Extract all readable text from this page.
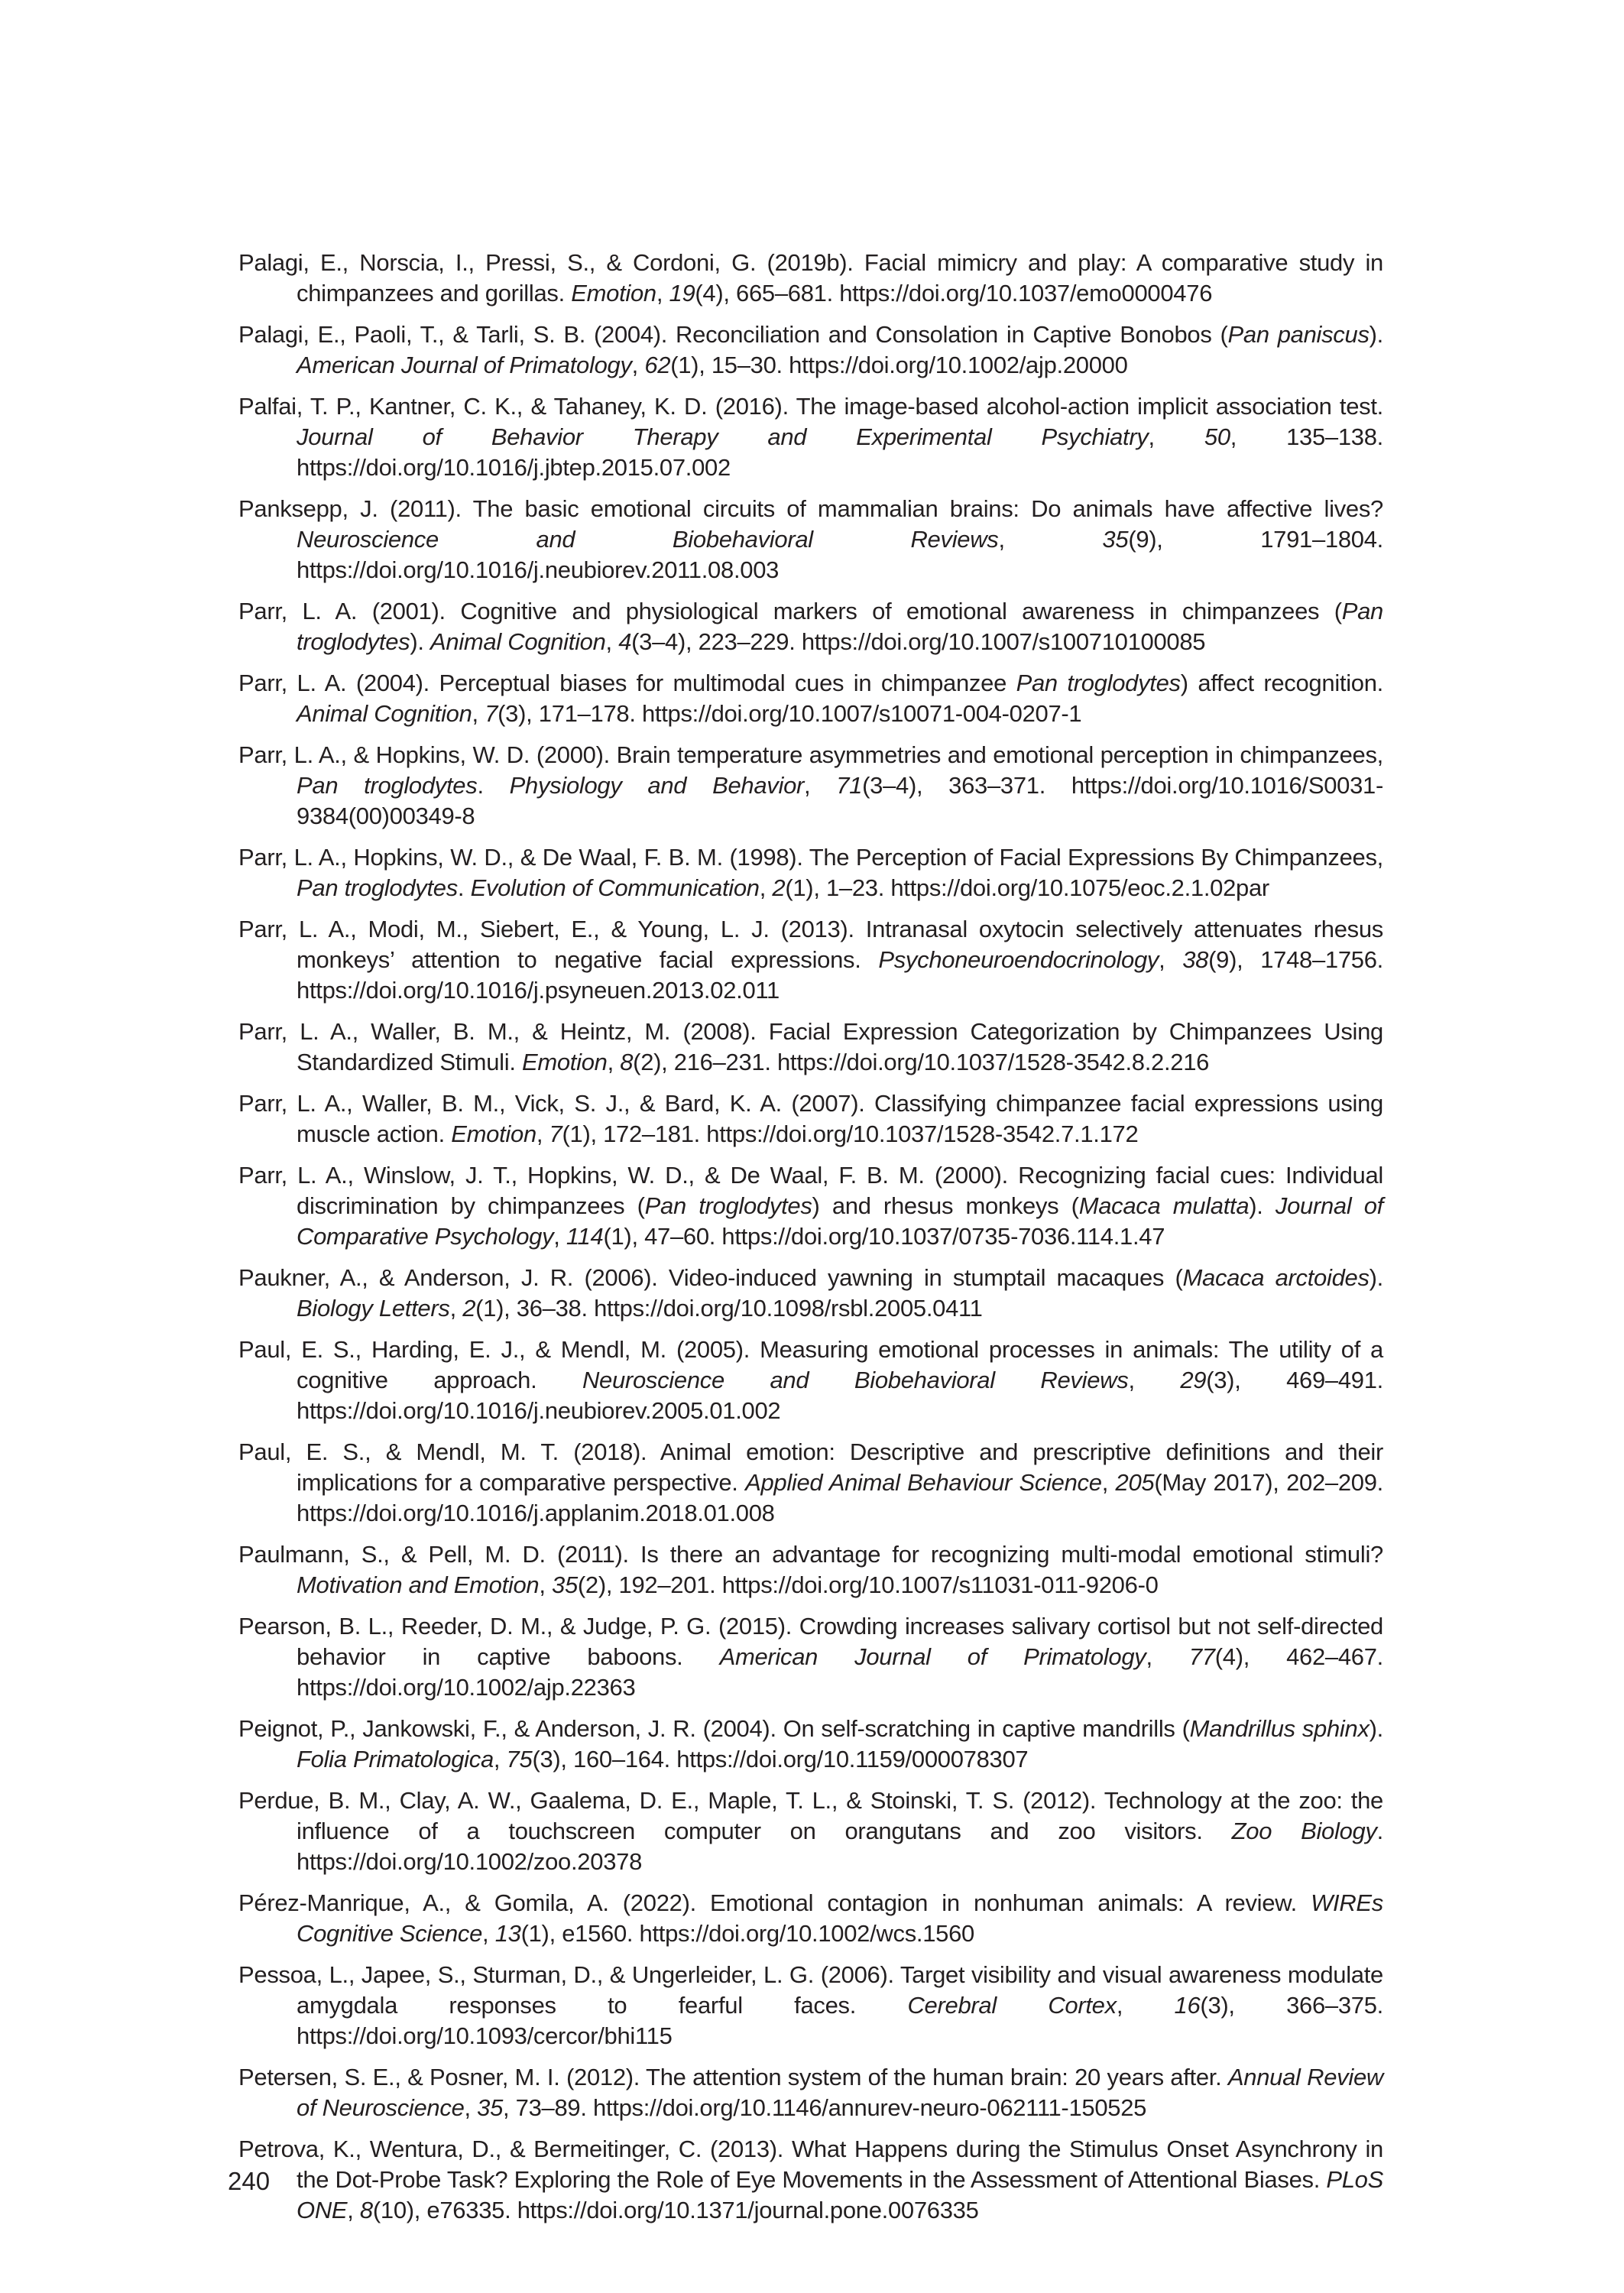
Palagi, E., Norscia, I., Pressi, S., & Cordoni, G. (2019b). Facial mimicry and play: A comparative study in chimpanzees and gorillas. Emotion, 19(4), 665–681. https://doi.org/10.1037/emo0000476

Palagi, E., Paoli, T., & Tarli, S. B. (2004). Reconciliation and Consolation in Captive Bonobos (Pan paniscus). American Journal of Primatology, 62(1), 15–30. https://doi.org/10.1002/ajp.20000

Palfai, T. P., Kantner, C. K., & Tahaney, K. D. (2016). The image-based alcohol-action implicit association test. Journal of Behavior Therapy and Experimental Psychiatry, 50, 135–138. https://doi.org/10.1016/j.jbtep.2015.07.002

Panksepp, J. (2011). The basic emotional circuits of mammalian brains: Do animals have affective lives? Neuroscience and Biobehavioral Reviews, 35(9), 1791–1804. https://doi.org/10.1016/j.neubiorev.2011.08.003

Parr, L. A. (2001). Cognitive and physiological markers of emotional awareness in chimpanzees (Pan troglodytes). Animal Cognition, 4(3–4), 223–229. https://doi.org/10.1007/s100710100085

Parr, L. A. (2004). Perceptual biases for multimodal cues in chimpanzee Pan troglodytes) affect recognition. Animal Cognition, 7(3), 171–178. https://doi.org/10.1007/s10071-004-0207-1

Parr, L. A., & Hopkins, W. D. (2000). Brain temperature asymmetries and emotional perception in chimpanzees, Pan troglodytes. Physiology and Behavior, 71(3–4), 363–371. https://doi.org/10.1016/S0031-9384(00)00349-8

Parr, L. A., Hopkins, W. D., & De Waal, F. B. M. (1998). The Perception of Facial Expressions By Chimpanzees, Pan troglodytes. Evolution of Communication, 2(1), 1–23. https://doi.org/10.1075/eoc.2.1.02par

Parr, L. A., Modi, M., Siebert, E., & Young, L. J. (2013). Intranasal oxytocin selectively attenuates rhesus monkeys’ attention to negative facial expressions. Psychoneuroendocrinology, 38(9), 1748–1756. https://doi.org/10.1016/j.psyneuen.2013.02.011

Parr, L. A., Waller, B. M., & Heintz, M. (2008). Facial Expression Categorization by Chimpanzees Using Standardized Stimuli. Emotion, 8(2), 216–231. https://doi.org/10.1037/1528-3542.8.2.216

Parr, L. A., Waller, B. M., Vick, S. J., & Bard, K. A. (2007). Classifying chimpanzee facial expressions using muscle action. Emotion, 7(1), 172–181. https://doi.org/10.1037/1528-3542.7.1.172

Parr, L. A., Winslow, J. T., Hopkins, W. D., & De Waal, F. B. M. (2000). Recognizing facial cues: Individual discrimination by chimpanzees (Pan troglodytes) and rhesus monkeys (Macaca mulatta). Journal of Comparative Psychology, 114(1), 47–60. https://doi.org/10.1037/0735-7036.114.1.47

Paukner, A., & Anderson, J. R. (2006). Video-induced yawning in stumptail macaques (Macaca arctoides). Biology Letters, 2(1), 36–38. https://doi.org/10.1098/rsbl.2005.0411

Paul, E. S., Harding, E. J., & Mendl, M. (2005). Measuring emotional processes in animals: The utility of a cognitive approach. Neuroscience and Biobehavioral Reviews, 29(3), 469–491. https://doi.org/10.1016/j.neubiorev.2005.01.002

Paul, E. S., & Mendl, M. T. (2018). Animal emotion: Descriptive and prescriptive definitions and their implications for a comparative perspective. Applied Animal Behaviour Science, 205(May 2017), 202–209. https://doi.org/10.1016/j.applanim.2018.01.008

Paulmann, S., & Pell, M. D. (2011). Is there an advantage for recognizing multi-modal emotional stimuli? Motivation and Emotion, 35(2), 192–201. https://doi.org/10.1007/s11031-011-9206-0

Pearson, B. L., Reeder, D. M., & Judge, P. G. (2015). Crowding increases salivary cortisol but not self-directed behavior in captive baboons. American Journal of Primatology, 77(4), 462–467. https://doi.org/10.1002/ajp.22363

Peignot, P., Jankowski, F., & Anderson, J. R. (2004). On self-scratching in captive mandrills (Mandrillus sphinx). Folia Primatologica, 75(3), 160–164. https://doi.org/10.1159/000078307

Perdue, B. M., Clay, A. W., Gaalema, D. E., Maple, T. L., & Stoinski, T. S. (2012). Technology at the zoo: the influence of a touchscreen computer on orangutans and zoo visitors. Zoo Biology. https://doi.org/10.1002/zoo.20378

Pérez-Manrique, A., & Gomila, A. (2022). Emotional contagion in nonhuman animals: A review. WIREs Cognitive Science, 13(1), e1560. https://doi.org/10.1002/wcs.1560

Pessoa, L., Japee, S., Sturman, D., & Ungerleider, L. G. (2006). Target visibility and visual awareness modulate amygdala responses to fearful faces. Cerebral Cortex, 16(3), 366–375. https://doi.org/10.1093/cercor/bhi115

Petersen, S. E., & Posner, M. I. (2012). The attention system of the human brain: 20 years after. Annual Review of Neuroscience, 35, 73–89. https://doi.org/10.1146/annurev-neuro-062111-150525

Petrova, K., Wentura, D., & Bermeitinger, C. (2013). What Happens during the Stimulus Onset Asynchrony in the Dot-Probe Task? Exploring the Role of Eye Movements in the Assessment of Attentional Biases. PLoS ONE, 8(10), e76335. https://doi.org/10.1371/journal.pone.0076335

240
